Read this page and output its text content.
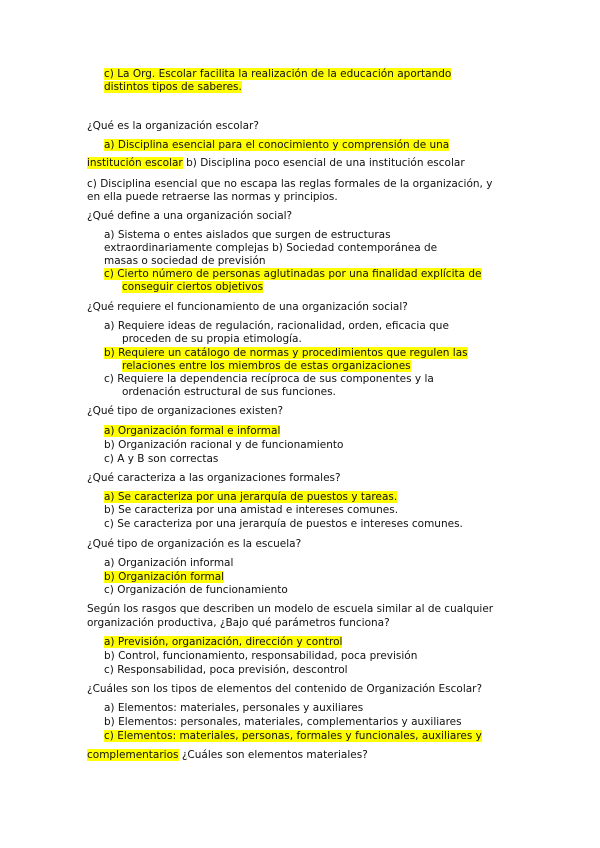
c) La Org. Escolar facilita la realización de la educación aportando
distintos tipos de saberes.
¿Qué es la organización escolar?
a) Disciplina esencial para el conocimiento y comprensión de una
institución escolar b) Disciplina poco esencial de una institución escolar
c) Disciplina esencial que no escapa las reglas formales de la organización, y
en ella puede retraerse las normas y principios.
¿Qué define a una organización social?
a) Sistema o entes aislados que surgen de estructuras
extraordinariamente complejas b) Sociedad contemporánea de
masas o sociedad de previsión
c) Cierto número de personas aglutinadas por una finalidad explícita de
conseguir ciertos objetivos
¿Qué requiere el funcionamiento de una organización social?
a) Requiere ideas de regulación, racionalidad, orden, eficacia que
proceden de su propia etimología.
b) Requiere un catálogo de normas y procedimientos que regulen las
relaciones entre los miembros de estas organizaciones
c) Requiere la dependencia recíproca de sus componentes y la
ordenación estructural de sus funciones.
¿Qué tipo de organizaciones existen?
a) Organización formal e informal
b) Organización racional y de funcionamiento
c) A y B son correctas
¿Qué caracteriza a las organizaciones formales?
a) Se caracteriza por una jerarquía de puestos y tareas.
b) Se caracteriza por una amistad e intereses comunes.
c) Se caracteriza por una jerarquía de puestos e intereses comunes.
¿Qué tipo de organización es la escuela?
a) Organización informal
b) Organización formal
c) Organización de funcionamiento
Según los rasgos que describen un modelo de escuela similar al de cualquier
organización productiva, ¿Bajo qué parámetros funciona?
a) Previsión, organización, dirección y control
b) Control, funcionamiento, responsabilidad, poca previsión
c) Responsabilidad, poca previsión, descontrol
¿Cuáles son los tipos de elementos del contenido de Organización Escolar?
a) Elementos: materiales, personales y auxiliares
b) Elementos: personales, materiales, complementarios y auxiliares
c) Elementos: materiales, personas, formales y funcionales, auxiliares y
complementarios ¿Cuáles son elementos materiales?
